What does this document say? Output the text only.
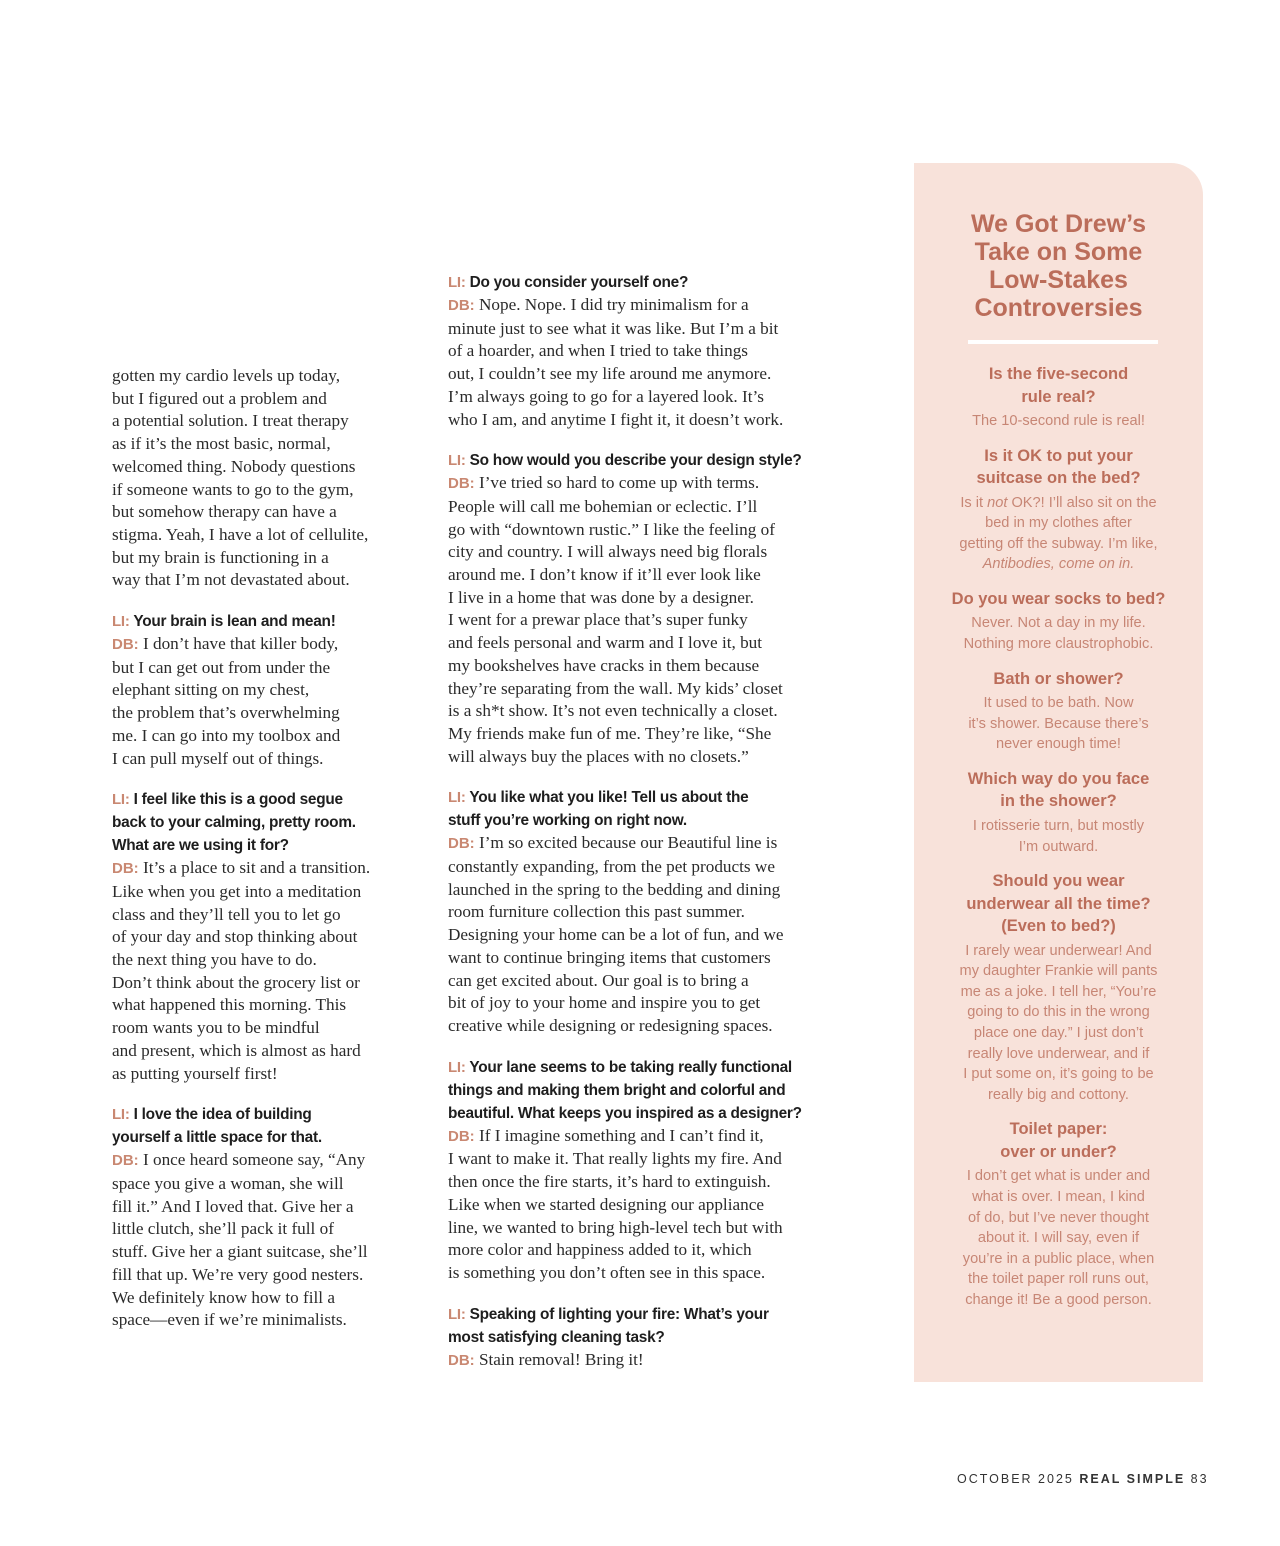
gotten my cardio levels up today,
but I figured out a problem and
a potential solution. I treat therapy
as if it’s the most basic, normal,
welcomed thing. Nobody questions
if someone wants to go to the gym,
but somehow therapy can have a
stigma. Yeah, I have a lot of cellulite,
but my brain is functioning in a
way that I’m not devastated about.

LI: Your brain is lean and mean!

DB: I don’t have that killer body,
but I can get out from under the
elephant sitting on my chest,
the problem that’s overwhelming
me. I can go into my toolbox and
I can pull myself out of things.

LI: I feel like this is a good segue
back to your calming, pretty room.
What are we using it for?

DB: It’s a place to sit and a transition.
Like when you get into a meditation
class and they’ll tell you to let go
of your day and stop thinking about
the next thing you have to do.
Don’t think about the grocery list or
what happened this morning. This
room wants you to be mindful
and present, which is almost as hard
as putting yourself first!

LI: I love the idea of building
yourself a little space for that.

DB: I once heard someone say, “Any
space you give a woman, she will
fill it.” And I loved that. Give her a
little clutch, she’ll pack it full of
stuff. Give her a giant suitcase, she’ll
fill that up. We’re very good nesters.
We definitely know how to fill a
space—even if we’re minimalists.

LI: Do you consider yourself one?

DB: Nope. Nope. I did try minimalism for a
minute just to see what it was like. But I’m a bit
of a hoarder, and when I tried to take things
out, I couldn’t see my life around me anymore.
I’m always going to go for a layered look. It’s
who I am, and anytime I fight it, it doesn’t work.

LI: So how would you describe your design style?

DB: I’ve tried so hard to come up with terms.
People will call me bohemian or eclectic. I’ll
go with “downtown rustic.” I like the feeling of
city and country. I will always need big florals
around me. I don’t know if it’ll ever look like
I live in a home that was done by a designer.
I went for a prewar place that’s super funky
and feels personal and warm and I love it, but
my bookshelves have cracks in them because
they’re separating from the wall. My kids’ closet
is a sh*t show. It’s not even technically a closet.
My friends make fun of me. They’re like, “She
will always buy the places with no closets.”

LI: You like what you like! Tell us about the
stuff you’re working on right now.

DB: I’m so excited because our Beautiful line is
constantly expanding, from the pet products we
launched in the spring to the bedding and dining
room furniture collection this past summer.
Designing your home can be a lot of fun, and we
want to continue bringing items that customers
can get excited about. Our goal is to bring a
bit of joy to your home and inspire you to get
creative while designing or redesigning spaces.

LI: Your lane seems to be taking really functional
things and making them bright and colorful and
beautiful. What keeps you inspired as a designer?

DB: If I imagine something and I can’t find it,
I want to make it. That really lights my fire. And
then once the fire starts, it’s hard to extinguish.
Like when we started designing our appliance
line, we wanted to bring high-level tech but with
more color and happiness added to it, which
is something you don’t often see in this space.

LI: Speaking of lighting your fire: What’s your
most satisfying cleaning task?

DB: Stain removal! Bring it!

We Got Drew’s
Take on Some
Low-Stakes
Controversies

Is the five-second
rule real?

The 10-second rule is real!

Is it OK to put your
suitcase on the bed?

Is it not OK?! I’ll also sit on the
bed in my clothes after
getting off the subway. I’m like,
Antibodies, come on in.

Do you wear socks to bed?

Never. Not a day in my life.
Nothing more claustrophobic.

Bath or shower?

It used to be bath. Now
it’s shower. Because there’s
never enough time!

Which way do you face
in the shower?

I rotisserie turn, but mostly
I’m outward.

Should you wear
underwear all the time?
(Even to bed?)

I rarely wear underwear! And
my daughter Frankie will pants
me as a joke. I tell her, “You’re
going to do this in the wrong
place one day.” I just don’t
really love underwear, and if
I put some on, it’s going to be
really big and cottony.

Toilet paper:
over or under?

I don’t get what is under and
what is over. I mean, I kind
of do, but I’ve never thought
about it. I will say, even if
you’re in a public place, when
the toilet paper roll runs out,
change it! Be a good person.

OCTOBER 2025 REAL SIMPLE 83
